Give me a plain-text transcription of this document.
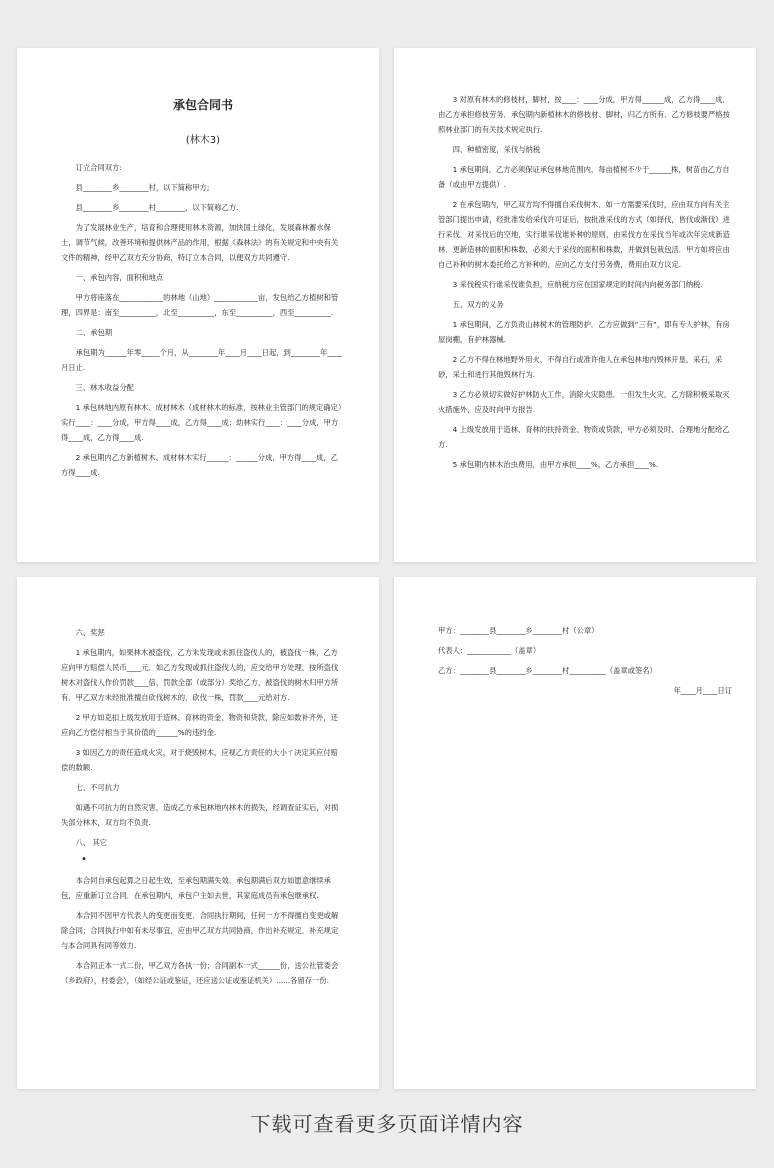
承包合同书
(林木3)

订立合同双方:

县________乡________村，以下简称甲方;

县________乡________村________，以下简称乙方.

为了发展林业生产，培育和合理使用林木资源，加快国土绿化，发展森林蓄水保土，调节气候，改善环境和提供林产品的作用，根据《森林法》的有关规定和中央有关文件的精神，经甲乙双方充分协商，特订立本合同，以便双方共同遵守.

一、承包内容，面积和地点

甲方将座落在____________的林地（山地）____________亩，发包给乙方植树和管理，四界是：南至__________，北至__________，东至__________，西至__________.

二、承包期

承包期为______年零_____个月，从________年____月____日起，到________年____月日止.

三、林木收益分配

1 承包林地内原有林木、成材林木（成材林木的标准，按林业主管部门的规定确定）实行____：____分成，甲方得____成，乙方得____成；幼林实行____：____分成，甲方得____成，乙方得____成.

2 承包期内乙方新植树木、成材林木实行______：______分成，甲方得____成，乙方得____成.

3 对原有林木的修枝材，脚材，按____：____分成，甲方得______成，乙方得____成．由乙方承担修枝劳务．承包期内新植林木的修枝材、脚材，归乙方所有．乙方修枝要严格按照林业部门的有关技术规定执行.

四、种植密度，采伐与纳税

1 承包期间，乙方必须保证承包林地范围内，每亩植树不少于______株，树苗由乙方自备（或由甲方提供）.

2 在承包期内，甲乙双方均不得擅自采伐树木．如一方需要采伐时，应由双方向有关主管部门提出申请，经批准发给采伐许可证后，按批准采伐的方式（如择伐，皆伐或渐伐）进行采伐．对采伐后的空地，实行谁采伐谁补种的原则，由采伐方在采伐当年或次年完成新造林．更新造林的面积和株数，必须大于采伐的面积和株数，并做到包栽包活．甲方如将应由自己补种的树木委托给乙方补种的，应向乙方支付劳务费，费用由双方议定.

3 采伐税实行谁采伐谁负担，应纳税方应在国家规定的时间内向税务部门纳税.

五、双方的义务

1 承包期间，乙方负责山林树木的管理防护．乙方应做到“三有”，即有专人护林，有房屋岗棚，有护林器械.

2 乙方不得在林地野外用火，不得自行或准许他人在承包林地内毁林开垦，采石，采砂，采土和进行其他毁林行为.

3 乙方必须切实做好护林防火工作，消除火灾隐患．一但发生火灾，乙方除积极采取灭火措施外，应及时向甲方报告.

4 上级发放用于造林、育林的扶持资金、物资或贷款，甲方必须及时、合理地分配给乙方.

5 承包期内林木治虫费用，由甲方承担____%，乙方承担____%.

六、奖惩

1 承包期内，如果林木被盗伐，乙方未发现或未抓住盗伐人的，被盗伐一株，乙方应向甲方赔偿人民币____元．如乙方发现或抓住盗伐人的，应交给甲方处理，按所盗伐树木对盗伐人作价罚款____倍，罚款全部（或部分）奖给乙方，被盗伐的树木归甲方所有．甲乙双方未经批准擅自砍伐树木的，砍伐一株，罚款____元给对方.

2 甲方如克扣上级发放用于造林、育林的资金、物资和贷款，除应如数补齐外，还应向乙方偿付相当于其价值的______%的违约金.

3 如因乙方的责任造成火灾，对于烧毁树木，应视乙方责任的大小ㄒ决定其应付赔偿的数额.

七、不可抗力

如遇不可抗力的自然灾害，造成乙方承包林地内林木的损失，经调查证实后，对损失部分林木，双方均不负责.

八、 其它

•

本合同自承包起算之日起生效，至承包期满失效．承包期满后双方如愿意继续承包，应重新订立合同．在承包期内，承包户主如去世，其家庭成员有承包继承权.

本合同不因甲方代表人的变更而变更．合同执行期间，任何一方不得擅自变更或解除合同；合同执行中如有未尽事宜，应由甲乙双方共同协商，作出补充规定．补充规定与本合同具有同等效力.

本合同正本一式二份，甲乙双方各执一份；合同副本一式______份，送公社管委会（乡政府），村委会），（如经公证或鉴证，还应送公证或鉴证机关）......各留存一份.

甲方：________县________乡________村（公章）

代表人：____________（盖章）

乙方：________县________乡________村__________（盖章或签名）

年____月____日订

下载可查看更多页面详情内容
